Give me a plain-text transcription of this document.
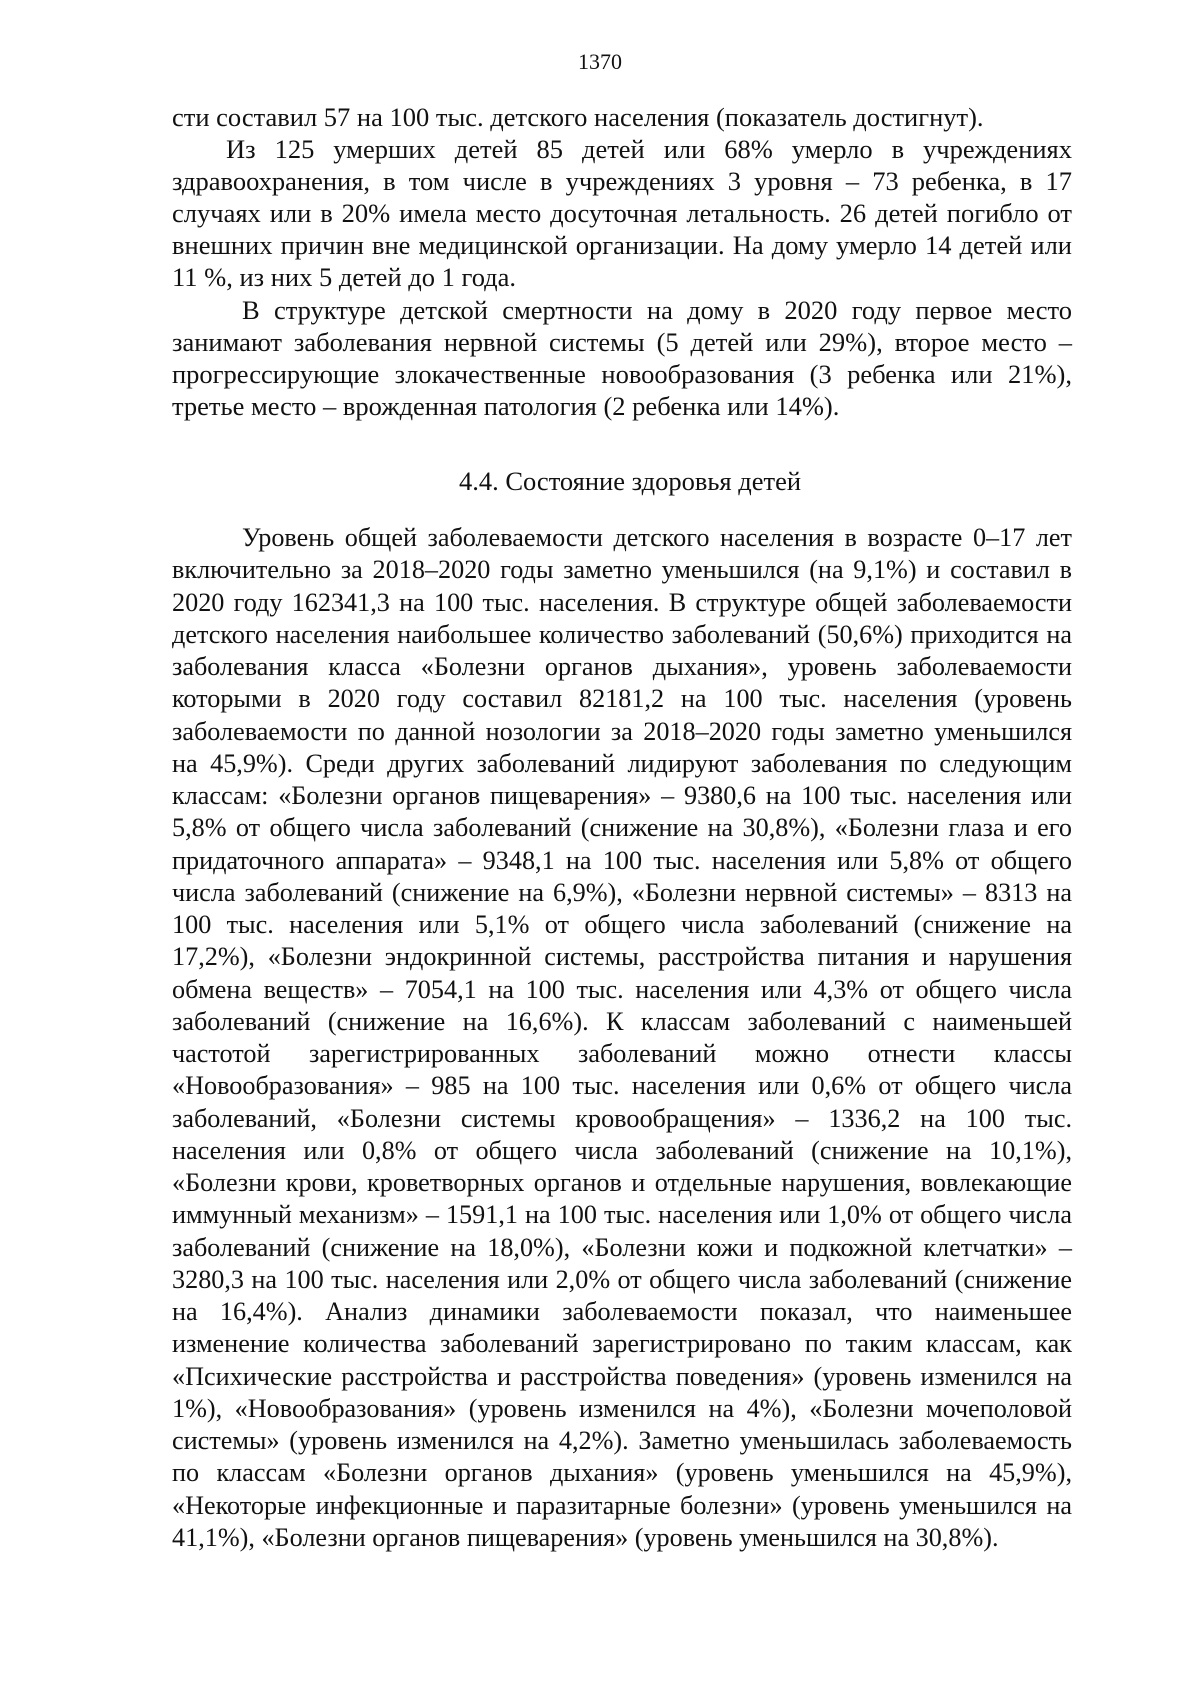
1370

сти составил 57 на 100 тыс. детского населения (показатель достигнут).

Из 125 умерших детей 85 детей или 68% умерло в учреждениях здравоохранения, в том числе в учреждениях 3 уровня – 73 ребенка, в 17 случаях или в 20% имела место досуточная летальность. 26 детей погибло от внешних причин вне медицинской организации. На дому умерло 14 детей или 11 %, из них 5 детей до 1 года.

В структуре детской смертности на дому в 2020 году первое место занимают заболевания нервной системы (5 детей или 29%), второе место – прогрессирующие злокачественные новообразования (3 ребенка или 21%), третье место – врожденная патология (2 ребенка или 14%).

4.4. Состояние здоровья детей

Уровень общей заболеваемости детского населения в возрасте 0–17 лет включительно за 2018–2020 годы заметно уменьшился (на 9,1%) и составил в 2020 году 162341,3 на 100 тыс. населения. В структуре общей заболеваемости детского населения наибольшее количество заболеваний (50,6%) приходится на заболевания класса «Болезни органов дыхания», уровень заболеваемости которыми в 2020 году составил 82181,2 на 100 тыс. населения (уровень заболеваемости по данной нозологии за 2018–2020 годы заметно уменьшился на 45,9%). Среди других заболеваний лидируют заболевания по следующим классам: «Болезни органов пищеварения» – 9380,6 на 100 тыс. населения или 5,8% от общего числа заболеваний (снижение на 30,8%), «Болезни глаза и его придаточного аппарата» – 9348,1 на 100 тыс. населения или 5,8% от общего числа заболеваний (снижение на 6,9%), «Болезни нервной системы» – 8313 на 100 тыс. населения или 5,1% от общего числа заболеваний (снижение на 17,2%), «Болезни эндокринной системы, расстройства питания и нарушения обмена веществ» – 7054,1 на 100 тыс. населения или 4,3% от общего числа заболеваний (снижение на 16,6%). К классам заболеваний с наименьшей частотой зарегистрированных заболеваний можно отнести классы «Новообразования» – 985 на 100 тыс. населения или 0,6% от общего числа заболеваний, «Болезни системы кровообращения» – 1336,2 на 100 тыс. населения или 0,8% от общего числа заболеваний (снижение на 10,1%), «Болезни крови, кроветворных органов и отдельные нарушения, вовлекающие иммунный механизм» – 1591,1 на 100 тыс. населения или 1,0% от общего числа заболеваний (снижение на 18,0%), «Болезни кожи и подкожной клетчатки» – 3280,3 на 100 тыс. населения или 2,0% от общего числа заболеваний (снижение на 16,4%). Анализ динамики заболеваемости показал, что наименьшее изменение количества заболеваний зарегистрировано по таким классам, как «Психические расстройства и расстройства поведения» (уровень изменился на 1%), «Новообразования» (уровень изменился на 4%), «Болезни мочеполовой системы» (уровень изменился на 4,2%). Заметно уменьшилась заболеваемость по классам «Болезни органов дыхания» (уровень уменьшился на 45,9%), «Некоторые инфекционные и паразитарные болезни» (уровень уменьшился на 41,1%), «Болезни органов пищеварения» (уровень уменьшился на 30,8%).
